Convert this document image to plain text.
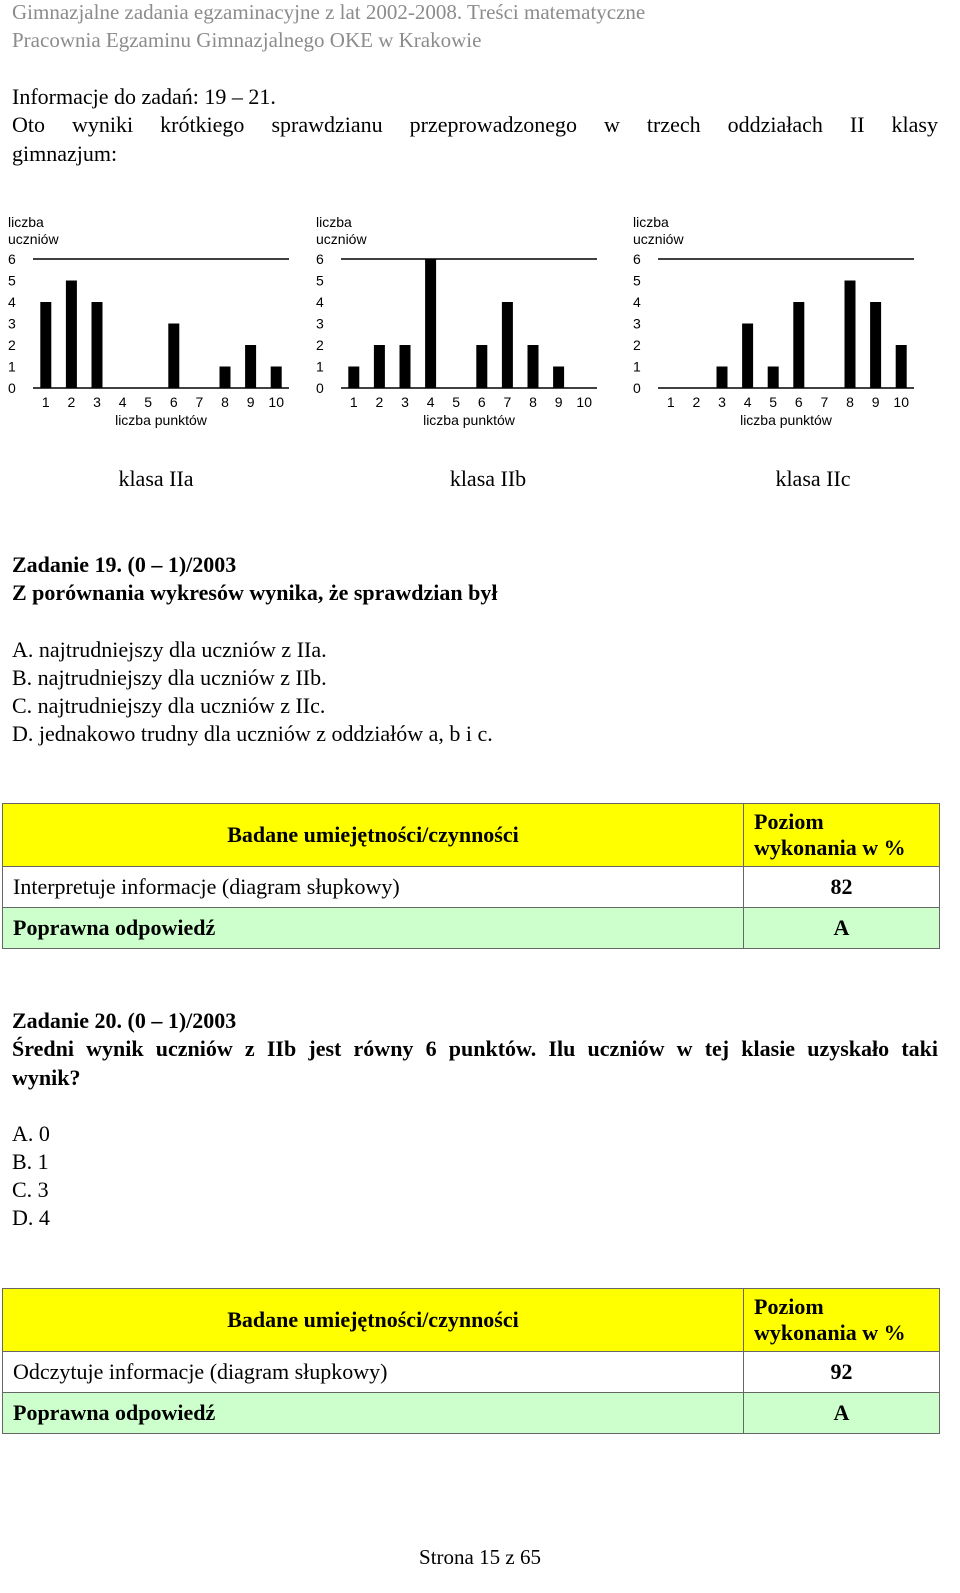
Gimnazjalne zadania egzaminacyjne z lat 2002-2008. Treści matematyczne
Pracownia Egzaminu Gimnazjalnego OKE w Krakowie
Informacje do zadań: 19 – 21.
Oto wyniki krótkiego sprawdzianu przeprowadzonego w trzech oddziałach II klasy
gimnazjum:
liczba
uczniów
0
1
2
3
4
5
6
1 2 3 4 5 6 7 8 9 10
liczba punktów
liczba
uczniów
0
1
2
3
4
5
6
1 2 3 4 5 6 7 8 9 10
liczba punktów
liczba
uczniów
0
1
2
3
4
5
6
1 2 3 4 5 6 7 8 9 10
liczba punktów
klasa IIa	klasa IIb	klasa IIc
Zadanie 19. (0 – 1)/2003
Z porównania wykresów wynika, że sprawdzian był
A. najtrudniejszy dla uczniów z IIa.
B. najtrudniejszy dla uczniów z IIb.
C. najtrudniejszy dla uczniów z IIc.
D. jednakowo trudny dla uczniów z oddziałów a, b i c.
Badane umiejętności/czynności	Poziom
wykonania w %
Interpretuje informacje (diagram słupkowy)	82
Poprawna odpowiedź	A
Zadanie 20. (0 – 1)/2003
Średni wynik uczniów z IIb jest równy 6 punktów. Ilu uczniów w tej klasie uzyskało taki
wynik?
A. 0
B. 1
C. 3
D. 4
Badane umiejętności/czynności	Poziom
wykonania w %
Odczytuje informacje (diagram słupkowy)	92
Poprawna odpowiedź	A
Strona 15 z 65
